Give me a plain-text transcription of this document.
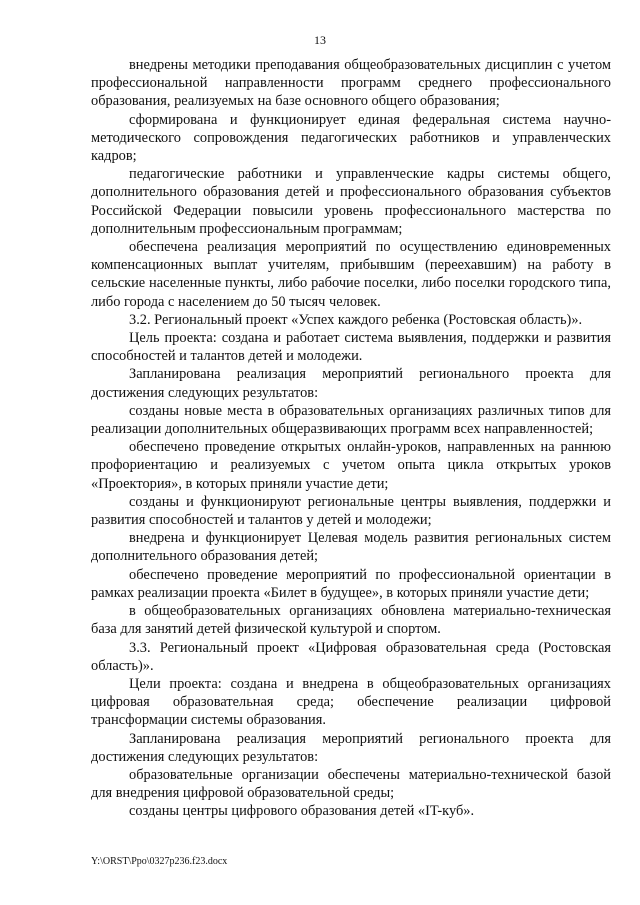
13

внедрены методики преподавания общеобразовательных дисциплин с учетом профессиональной направленности программ среднего профессионального образования, реализуемых на базе основного общего образования;

сформирована и функционирует единая федеральная система научно-методического сопровождения педагогических работников и управленческих кадров;

педагогические работники и управленческие кадры системы общего, дополнительного образования детей и профессионального образования субъектов Российской Федерации повысили уровень профессионального мастерства по дополнительным профессиональным программам;

обеспечена реализация мероприятий по осуществлению единовременных компенсационных выплат учителям, прибывшим (переехавшим) на работу в сельские населенные пункты, либо рабочие поселки, либо поселки городского типа, либо города с населением до 50 тысяч человек.

3.2. Региональный проект «Успех каждого ребенка (Ростовская область)».

Цель проекта: создана и работает система выявления, поддержки и развития способностей и талантов детей и молодежи.

Запланирована реализация мероприятий регионального проекта для достижения следующих результатов:

созданы новые места в образовательных организациях различных типов для реализации дополнительных общеразвивающих программ всех направленностей;

обеспечено проведение открытых онлайн-уроков, направленных на раннюю профориентацию и реализуемых с учетом опыта цикла открытых уроков «Проектория», в которых приняли участие дети;

созданы и функционируют региональные центры выявления, поддержки и развития способностей и талантов у детей и молодежи;

внедрена и функционирует Целевая модель развития региональных систем дополнительного образования детей;

обеспечено проведение мероприятий по профессиональной ориентации в рамках реализации проекта «Билет в будущее», в которых приняли участие дети;

в общеобразовательных организациях обновлена материально-техническая база для занятий детей физической культурой и спортом.

3.3. Региональный проект «Цифровая образовательная среда (Ростовская область)».

Цели проекта: создана и внедрена в общеобразовательных организациях цифровая образовательная среда; обеспечение реализации цифровой трансформации системы образования.

Запланирована реализация мероприятий регионального проекта для достижения следующих результатов:

образовательные организации обеспечены материально-технической базой для внедрения цифровой образовательной среды;

созданы центры цифрового образования детей «IT-куб».

Y:\ORST\Ppo\0327p236.f23.docx
